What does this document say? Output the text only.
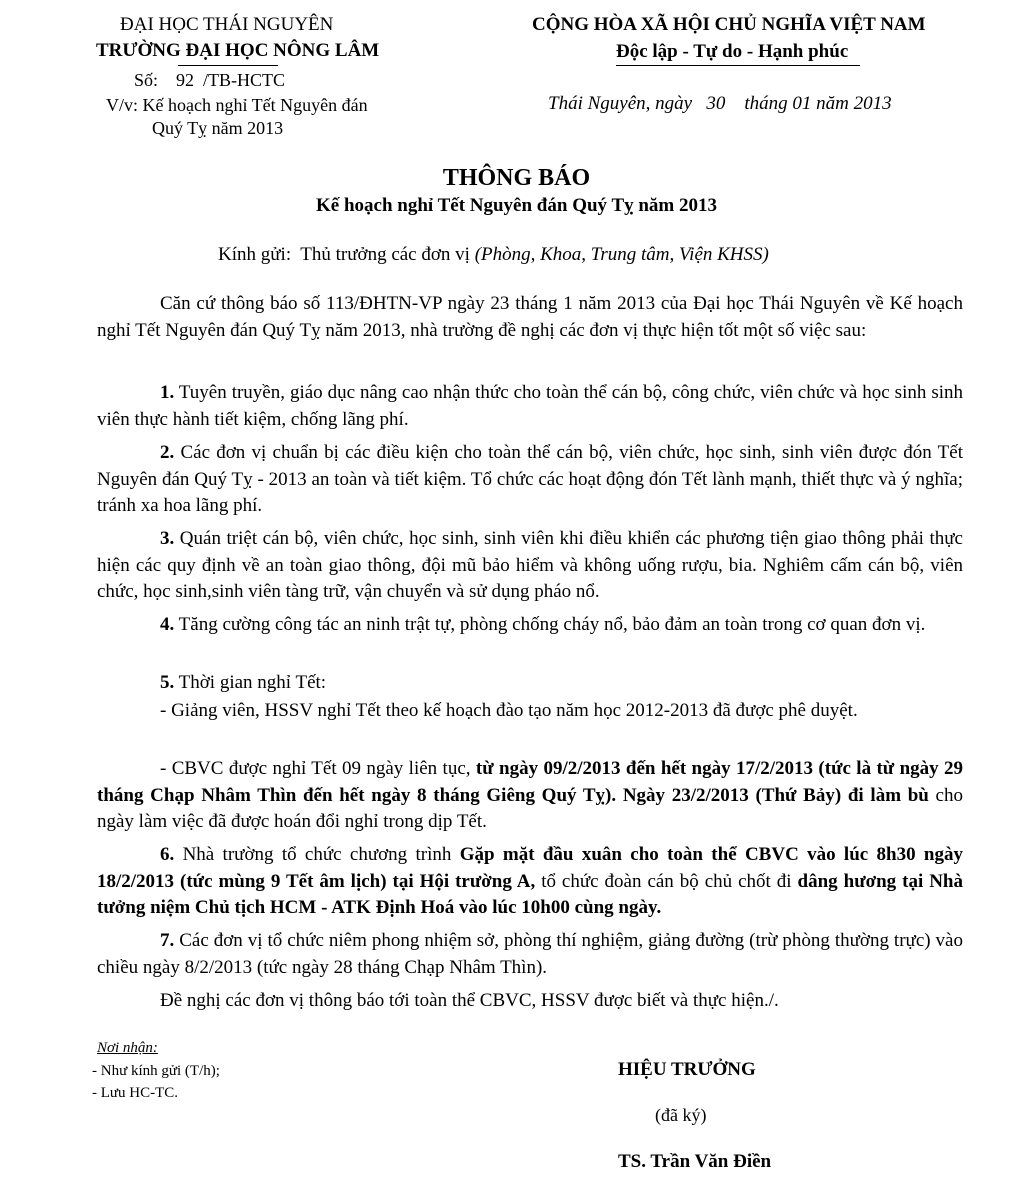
ĐẠI HỌC THÁI NGUYÊN
TRƯỜNG ĐẠI HỌC NÔNG LÂM
Số:    92  /TB-HCTC
V/v: Kế hoạch nghỉ Tết Nguyên đán
Quý Tỵ năm 2013
CỘNG HÒA XÃ HỘI CHỦ NGHĨA VIỆT NAM
Độc lập - Tự do - Hạnh phúc
Thái Nguyên, ngày   30    tháng 01 năm 2013
THÔNG BÁO
Kế hoạch nghỉ Tết Nguyên đán Quý Tỵ năm 2013
Kính gửi:  Thủ trưởng các đơn vị (Phòng, Khoa, Trung tâm, Viện KHSS)
Căn cứ thông báo số 113/ĐHTN-VP ngày 23 tháng 1 năm 2013 của Đại học Thái Nguyên về Kế hoạch nghỉ Tết Nguyên đán Quý Tỵ năm 2013, nhà trường đề nghị các đơn vị thực hiện tốt một số việc sau:
1. Tuyên truyền, giáo dục nâng cao nhận thức cho toàn thể cán bộ, công chức, viên chức và học sinh sinh viên thực hành tiết kiệm, chống lãng phí.
2. Các đơn vị chuẩn bị các điều kiện cho toàn thể cán bộ, viên chức, học sinh, sinh viên được đón Tết Nguyên đán Quý Tỵ - 2013 an toàn và tiết kiệm. Tổ chức các hoạt động đón Tết lành mạnh, thiết thực và ý nghĩa; tránh xa hoa lãng phí.
3. Quán triệt cán bộ, viên chức, học sinh, sinh viên khi điều khiển các phương tiện giao thông phải thực hiện các quy định về an toàn giao thông, đội mũ bảo hiểm và không uống rượu, bia. Nghiêm cấm cán bộ, viên chức, học sinh,sinh viên tàng trữ, vận chuyển và sử dụng pháo nổ.
4. Tăng cường công tác an ninh trật tự, phòng chống cháy nổ, bảo đảm an toàn trong cơ quan đơn vị.
5. Thời gian nghỉ Tết:
- Giảng viên, HSSV nghỉ Tết theo kế hoạch đào tạo năm học 2012-2013 đã được phê duyệt.
- CBVC được nghỉ Tết 09 ngày liên tục, từ ngày 09/2/2013 đến hết ngày 17/2/2013 (tức là từ ngày 29 tháng Chạp Nhâm Thìn đến hết ngày 8 tháng Giêng Quý Tỵ). Ngày 23/2/2013 (Thứ Bảy) đi làm bù cho ngày làm việc đã được hoán đổi nghỉ trong dịp Tết.
6. Nhà trường tổ chức chương trình Gặp mặt đầu xuân cho toàn thể CBVC vào lúc 8h30 ngày 18/2/2013 (tức mùng 9 Tết âm lịch) tại Hội trường A, tổ chức đoàn cán bộ chủ chốt đi dâng hương tại Nhà tưởng niệm Chủ tịch HCM - ATK Định Hoá vào lúc 10h00 cùng ngày.
7. Các đơn vị tổ chức niêm phong nhiệm sở, phòng thí nghiệm, giảng đường (trừ phòng thường trực) vào chiều ngày 8/2/2013 (tức ngày 28 tháng Chạp Nhâm Thìn).
Đề nghị các đơn vị thông báo tới toàn thể CBVC, HSSV được biết và thực hiện./.
Nơi nhận:
- Như kính gửi (T/h);
- Lưu HC-TC.
HIỆU TRƯỞNG
(đã ký)
TS. Trần Văn Điền
